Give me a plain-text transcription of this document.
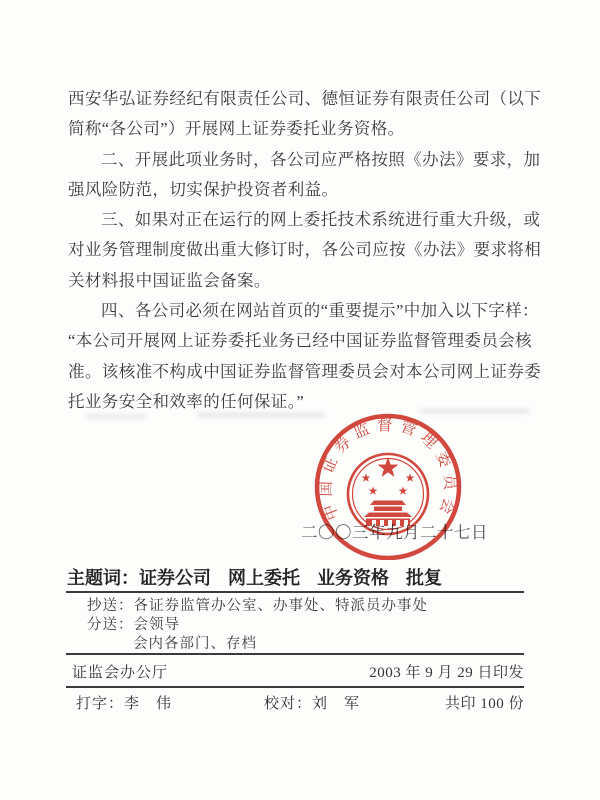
西安华弘证券经纪有限责任公司、德恒证券有限责任公司（以下
简称“各公司”）开展网上证券委托业务资格。
二、开展此项业务时，各公司应严格按照《办法》要求，加
强风险防范，切实保护投资者利益。
三、如果对正在运行的网上委托技术系统进行重大升级，或
对业务管理制度做出重大修订时，各公司应按《办法》要求将相
关材料报中国证监会备案。
四、各公司必须在网站首页的“重要提示”中加入以下字样：
“本公司开展网上证券委托业务已经中国证券监督管理委员会核
准。该核准不构成中国证券监督管理委员会对本公司网上证券委
托业务安全和效率的任何保证。”
中国证券监督管理委员会
二〇〇三年九月二十七日
主题词：证券公司 网上委托 业务资格 批复
抄送：各证券监管办公室、办事处、特派员办事处
分送：会领导
会内各部门、存档
证监会办公厅	2003 年 9 月 29 日印发
打字：李　伟	校对：刘　军	共印 100 份
